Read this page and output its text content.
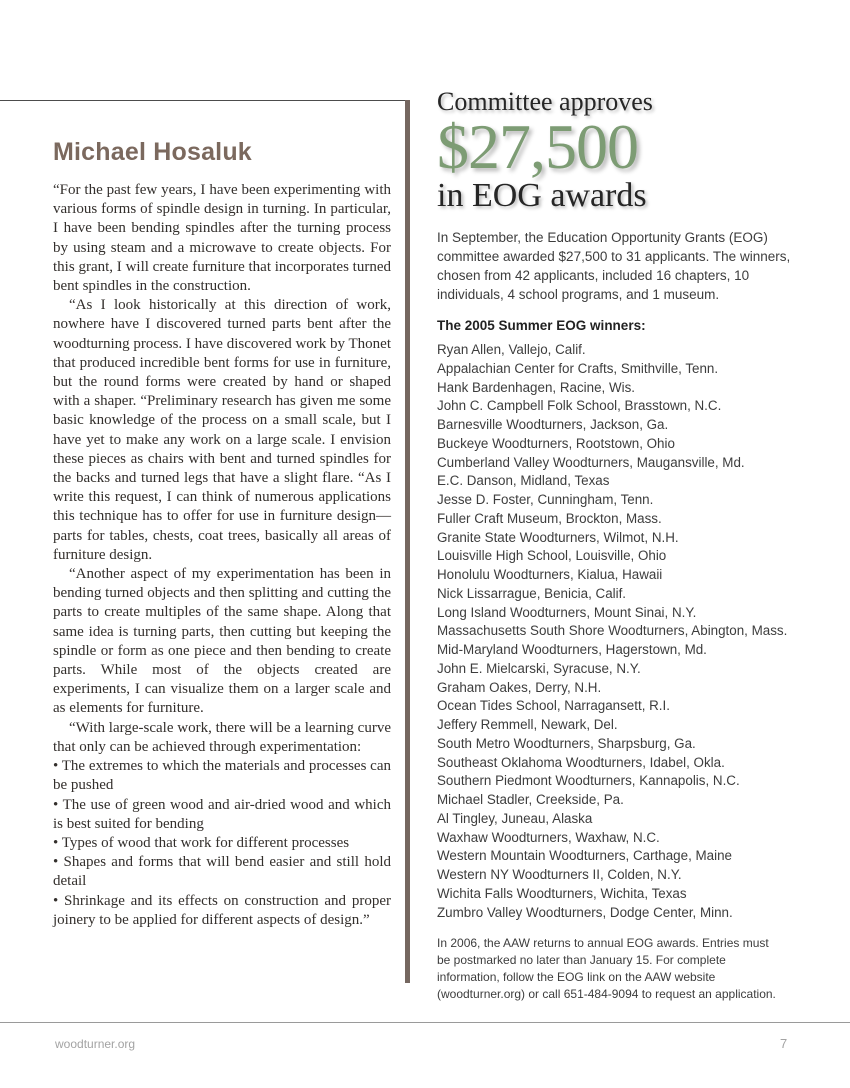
Michael Hosaluk
“For the past few years, I have been experimenting with various forms of spindle design in turning. In particular, I have been bending spindles after the turning process by using steam and a microwave to create objects. For this grant, I will create furniture that incorporates turned bent spindles in the construction.
“As I look historically at this direction of work, nowhere have I discovered turned parts bent after the woodturning process. I have discovered work by Thonet that produced incredible bent forms for use in furniture, but the round forms were created by hand or shaped with a shaper. “Preliminary research has given me some basic knowledge of the process on a small scale, but I have yet to make any work on a large scale. I envision these pieces as chairs with bent and turned spindles for the backs and turned legs that have a slight flare. “As I write this request, I can think of numerous applications this technique has to offer for use in furniture design—parts for tables, chests, coat trees, basically all areas of furniture design.
“Another aspect of my experimentation has been in bending turned objects and then splitting and cutting the parts to create multiples of the same shape. Along that same idea is turning parts, then cutting but keeping the spindle or form as one piece and then bending to create parts. While most of the objects created are experiments, I can visualize them on a larger scale and as elements for furniture.
“With large-scale work, there will be a learning curve that only can be achieved through experimentation:
• The extremes to which the materials and processes can be pushed
• The use of green wood and air-dried wood and which is best suited for bending
• Types of wood that work for different processes
• Shapes and forms that will bend easier and still hold detail
• Shrinkage and its effects on construction and proper joinery to be applied for different aspects of design.”
Committee approves
$27,500
in EOG awards

In September, the Education Opportunity Grants (EOG) committee awarded $27,500 to 31 applicants. The winners, chosen from 42 applicants, included 16 chapters, 10 individuals, 4 school programs, and 1 museum.

The 2005 Summer EOG winners:
Ryan Allen, Vallejo, Calif.
Appalachian Center for Crafts, Smithville, Tenn.
Hank Bardenhagen, Racine, Wis.
John C. Campbell Folk School, Brasstown, N.C.
Barnesville Woodturners, Jackson, Ga.
Buckeye Woodturners, Rootstown, Ohio
Cumberland Valley Woodturners, Maugansville, Md.
E.C. Danson, Midland, Texas
Jesse D. Foster, Cunningham, Tenn.
Fuller Craft Museum, Brockton, Mass.
Granite State Woodturners, Wilmot, N.H.
Louisville High School, Louisville, Ohio
Honolulu Woodturners, Kialua, Hawaii
Nick Lissarrague, Benicia, Calif.
Long Island Woodturners, Mount Sinai, N.Y.
Massachusetts South Shore Woodturners, Abington, Mass.
Mid-Maryland Woodturners, Hagerstown, Md.
John E. Mielcarski, Syracuse, N.Y.
Graham Oakes, Derry, N.H.
Ocean Tides School, Narragansett, R.I.
Jeffery Remmell, Newark, Del.
South Metro Woodturners, Sharpsburg, Ga.
Southeast Oklahoma Woodturners, Idabel, Okla.
Southern Piedmont Woodturners, Kannapolis, N.C.
Michael Stadler, Creekside, Pa.
Al Tingley, Juneau, Alaska
Waxhaw Woodturners, Waxhaw, N.C.
Western Mountain Woodturners, Carthage, Maine
Western NY Woodturners II, Colden, N.Y.
Wichita Falls Woodturners, Wichita, Texas
Zumbro Valley Woodturners, Dodge Center, Minn.

In 2006, the AAW returns to annual EOG awards. Entries must be postmarked no later than January 15. For complete information, follow the EOG link on the AAW website (woodturner.org) or call 651-484-9094 to request an application.

woodturner.org	7
